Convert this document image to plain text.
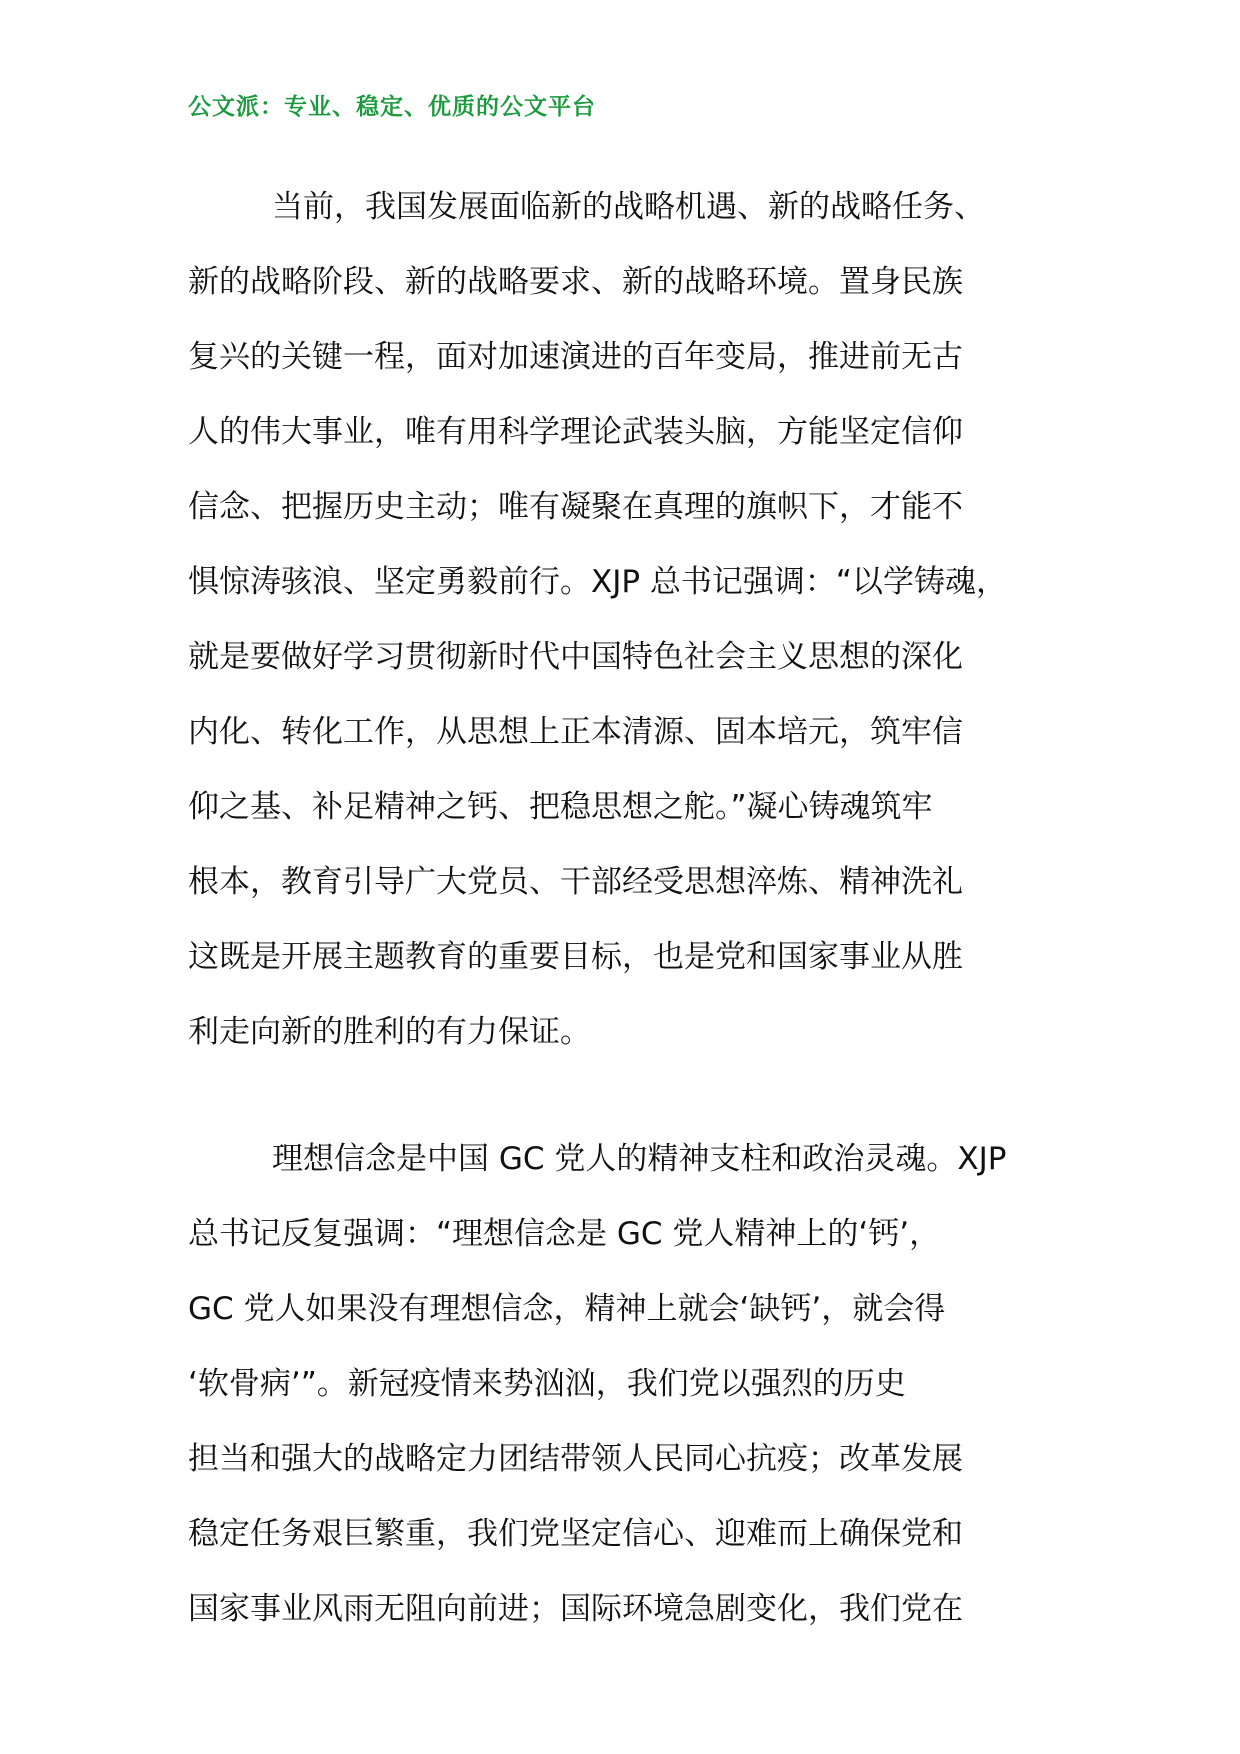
公文派：专业、稳定、优质的公文平台
当前，我国发展面临新的战略机遇、新的战略任务、
新的战略阶段、新的战略要求、新的战略环境。置身民族
复兴的关键一程，面对加速演进的百年变局，推进前无古
人的伟大事业，唯有用科学理论武装头脑，方能坚定信仰
信念、把握历史主动；唯有凝聚在真理的旗帜下，才能不
惧惊涛骇浪、坚定勇毅前行。XJP 总书记强调：“以学铸魂，
就是要做好学习贯彻新时代中国特色社会主义思想的深化
内化、转化工作，从思想上正本清源、固本培元，筑牢信
仰之基、补足精神之钙、把稳思想之舵。”凝心铸魂筑牢
根本，教育引导广大党员、干部经受思想淬炼、精神洗礼
这既是开展主题教育的重要目标，也是党和国家事业从胜
利走向新的胜利的有力保证。
理想信念是中国 GC 党人的精神支柱和政治灵魂。XJP
总书记反复强调：“理想信念是 GC 党人精神上的‘钙’，
GC 党人如果没有理想信念，精神上就会‘缺钙’，就会得
‘软骨病’”。新冠疫情来势汹汹，我们党以强烈的历史
担当和强大的战略定力团结带领人民同心抗疫；改革发展
稳定任务艰巨繁重，我们党坚定信心、迎难而上确保党和
国家事业风雨无阻向前进；国际环境急剧变化，我们党在
